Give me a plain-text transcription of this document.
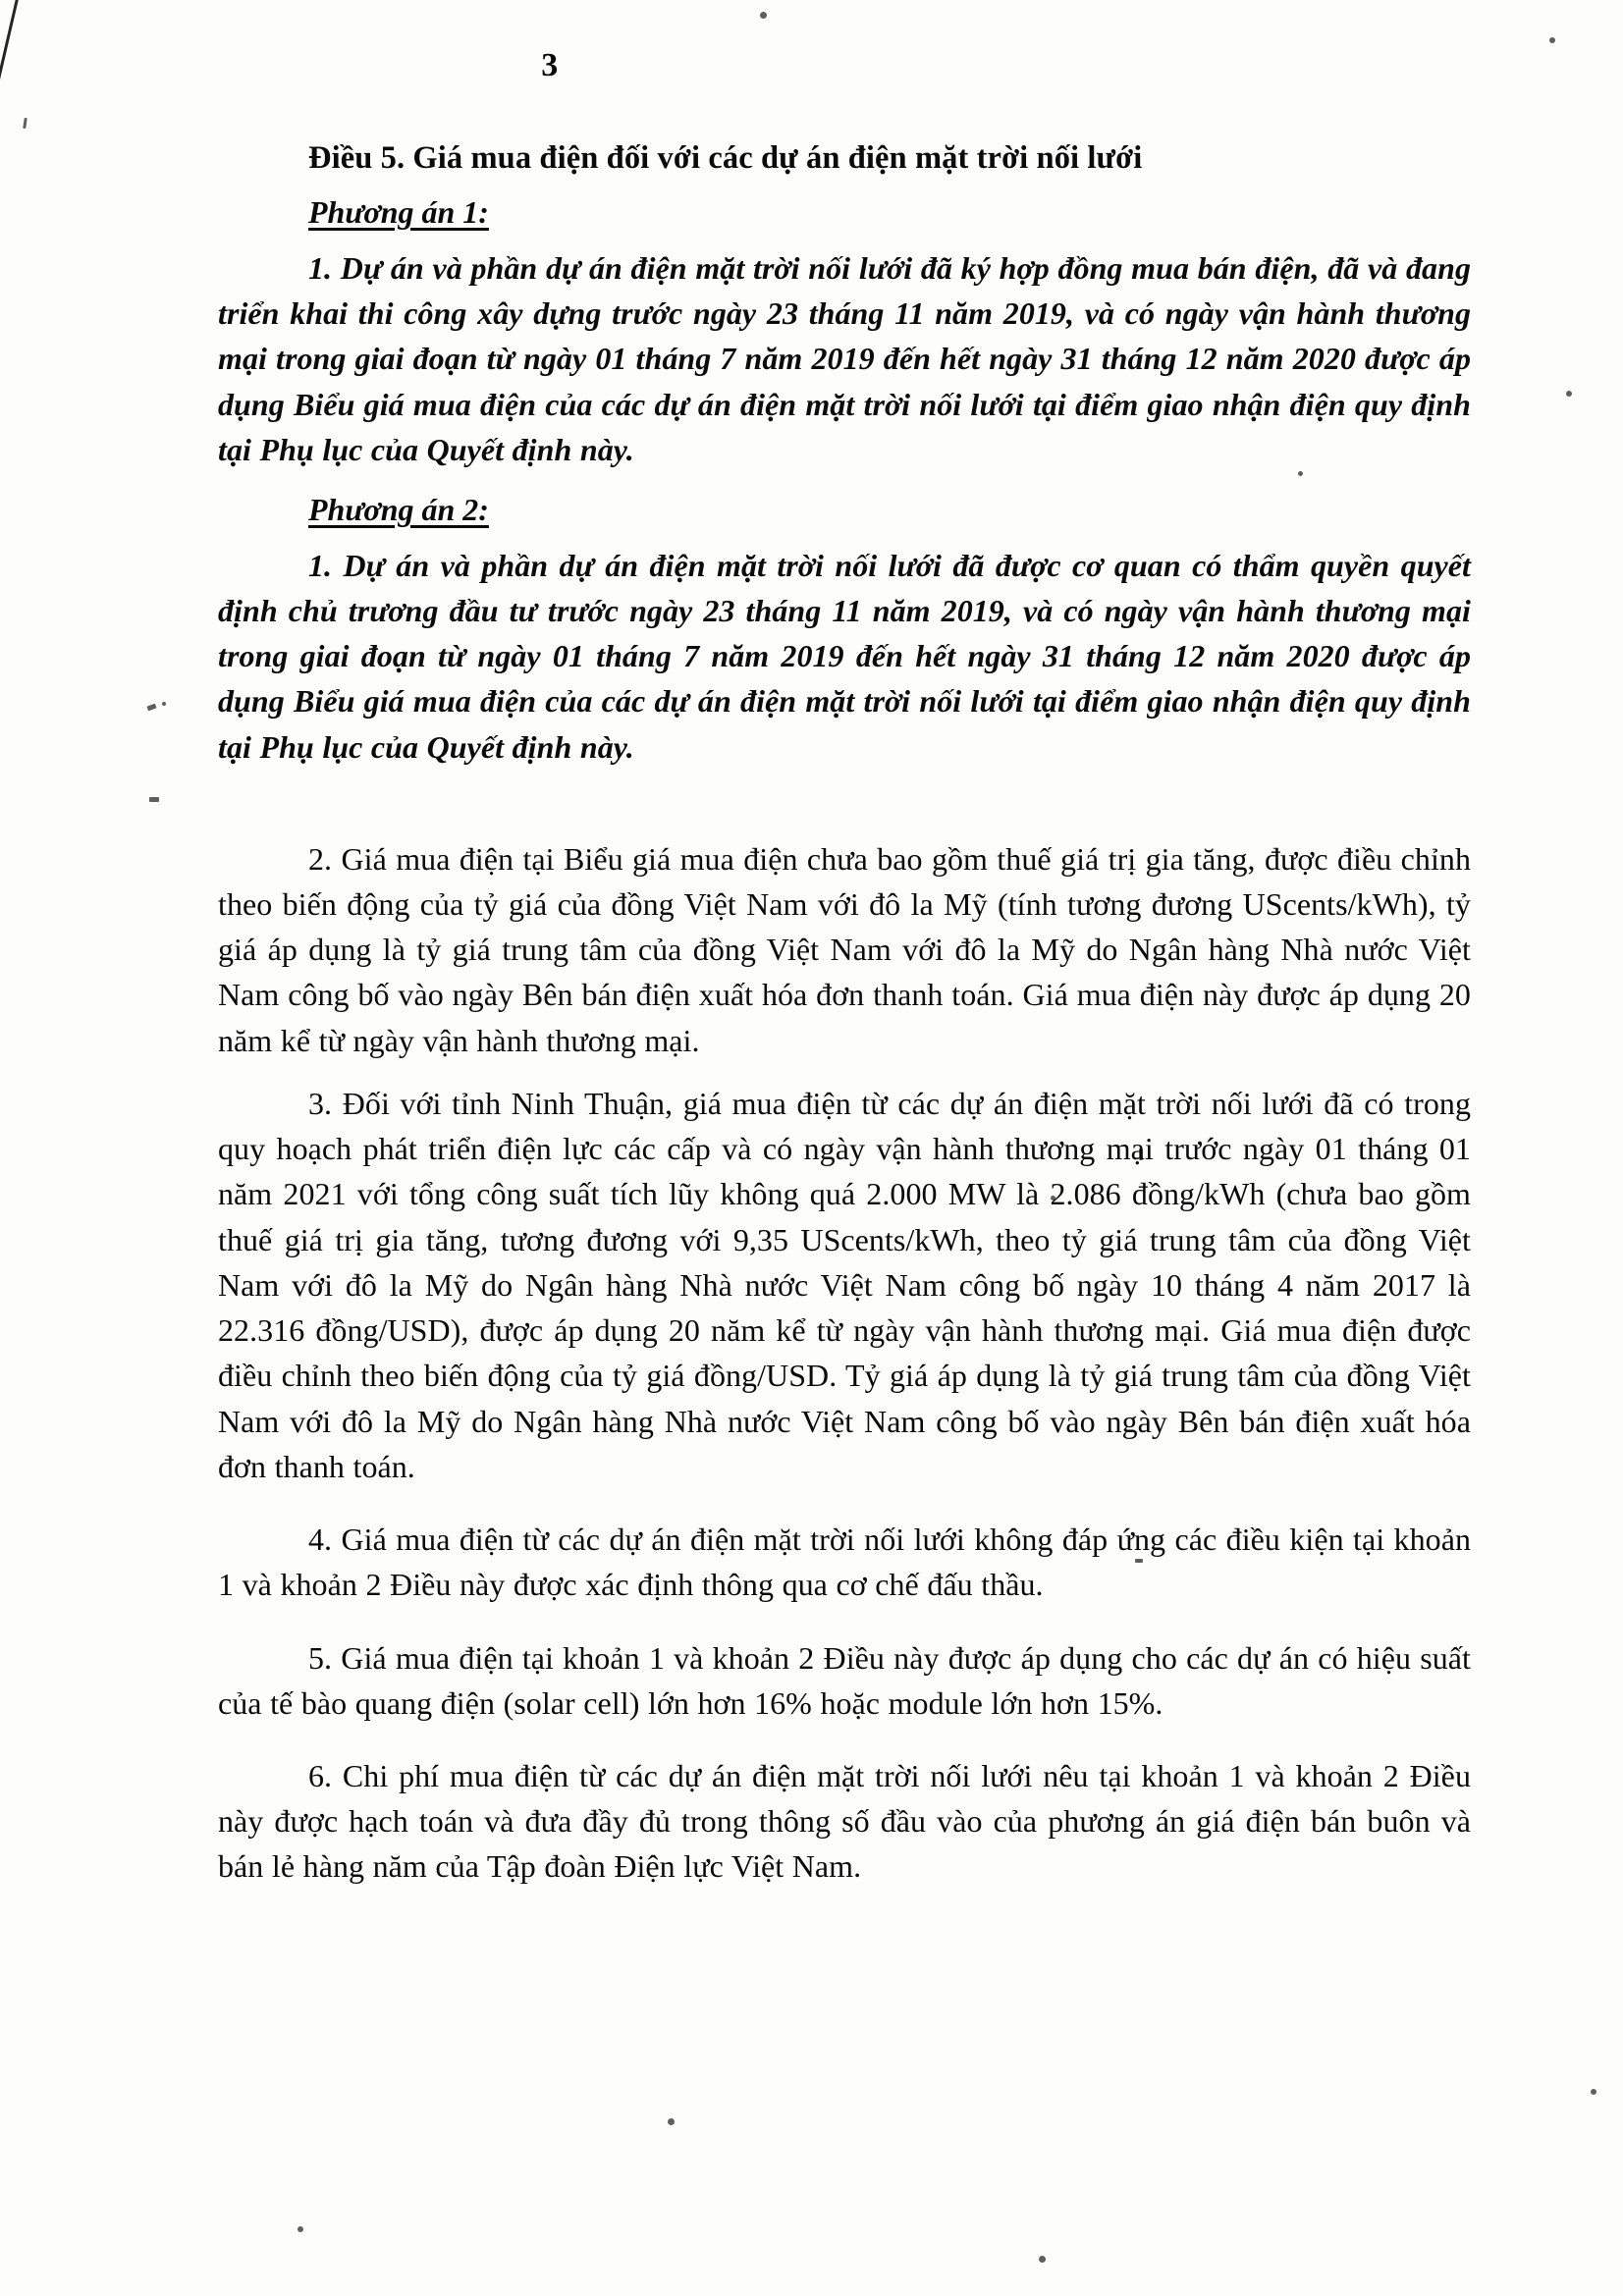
3
Điều 5. Giá mua điện đối với các dự án điện mặt trời nối lưới
Phương án 1:

1. Dự án và phần dự án điện mặt trời nối lưới đã ký hợp đồng mua bán điện, đã và đang triển khai thi công xây dựng trước ngày 23 tháng 11 năm 2019, và có ngày vận hành thương mại trong giai đoạn từ ngày 01 tháng 7 năm 2019 đến hết ngày 31 tháng 12 năm 2020 được áp dụng Biểu giá mua điện của các dự án điện mặt trời nối lưới tại điểm giao nhận điện quy định tại Phụ lục của Quyết định này.

Phương án 2:

1. Dự án và phần dự án điện mặt trời nối lưới đã được cơ quan có thẩm quyền quyết định chủ trương đầu tư trước ngày 23 tháng 11 năm 2019, và có ngày vận hành thương mại trong giai đoạn từ ngày 01 tháng 7 năm 2019 đến hết ngày 31 tháng 12 năm 2020 được áp dụng Biểu giá mua điện của các dự án điện mặt trời nối lưới tại điểm giao nhận điện quy định tại Phụ lục của Quyết định này.

2. Giá mua điện tại Biểu giá mua điện chưa bao gồm thuế giá trị gia tăng, được điều chỉnh theo biến động của tỷ giá của đồng Việt Nam với đô la Mỹ (tính tương đương UScents/kWh), tỷ giá áp dụng là tỷ giá trung tâm của đồng Việt Nam với đô la Mỹ do Ngân hàng Nhà nước Việt Nam công bố vào ngày Bên bán điện xuất hóa đơn thanh toán. Giá mua điện này được áp dụng 20 năm kể từ ngày vận hành thương mại.

3. Đối với tỉnh Ninh Thuận, giá mua điện từ các dự án điện mặt trời nối lưới đã có trong quy hoạch phát triển điện lực các cấp và có ngày vận hành thương mại trước ngày 01 tháng 01 năm 2021 với tổng công suất tích lũy không quá 2.000 MW là 2.086 đồng/kWh (chưa bao gồm thuế giá trị gia tăng, tương đương với 9,35 UScents/kWh, theo tỷ giá trung tâm của đồng Việt Nam với đô la Mỹ do Ngân hàng Nhà nước Việt Nam công bố ngày 10 tháng 4 năm 2017 là 22.316 đồng/USD), được áp dụng 20 năm kể từ ngày vận hành thương mại. Giá mua điện được điều chỉnh theo biến động của tỷ giá đồng/USD. Tỷ giá áp dụng là tỷ giá trung tâm của đồng Việt Nam với đô la Mỹ do Ngân hàng Nhà nước Việt Nam công bố vào ngày Bên bán điện xuất hóa đơn thanh toán.

4. Giá mua điện từ các dự án điện mặt trời nối lưới không đáp ứng các điều kiện tại khoản 1 và khoản 2 Điều này được xác định thông qua cơ chế đấu thầu.

5. Giá mua điện tại khoản 1 và khoản 2 Điều này được áp dụng cho các dự án có hiệu suất của tế bào quang điện (solar cell) lớn hơn 16% hoặc module lớn hơn 15%.

6. Chi phí mua điện từ các dự án điện mặt trời nối lưới nêu tại khoản 1 và khoản 2 Điều này được hạch toán và đưa đầy đủ trong thông số đầu vào của phương án giá điện bán buôn và bán lẻ hàng năm của Tập đoàn Điện lực Việt Nam.
